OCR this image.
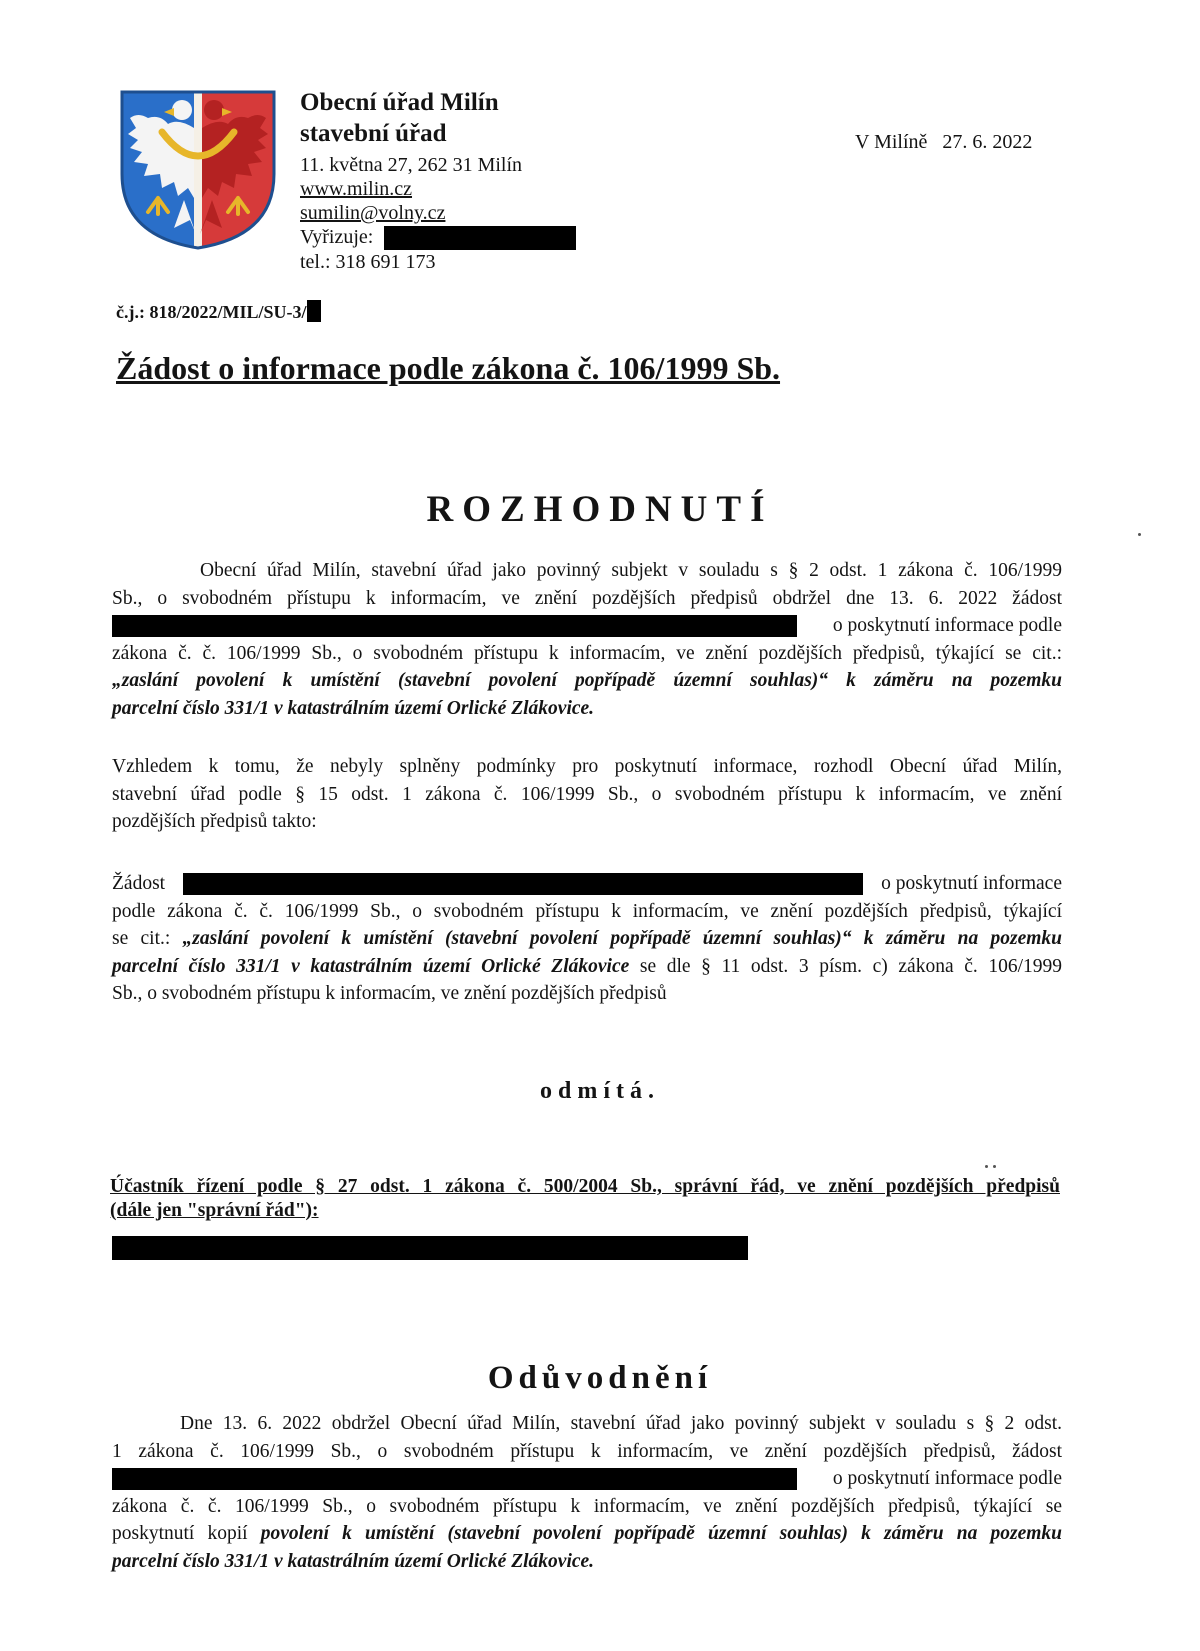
Obecní úřad Milín
stavební úřad
11. května 27, 262 31 Milín
www.milin.cz
sumilin@volny.cz
Vyřizuje:
tel.: 318 691 173
V Milíně   27. 6. 2022
č.j.: 818/2022/MIL/SU-3/
Žádost o informace podle zákona č. 106/1999 Sb.
ROZHODNUTÍ
Obecní úřad Milín, stavební úřad jako povinný subjekt v souladu s § 2 odst. 1 zákona č. 106/1999
Sb., o svobodném přístupu k informacím, ve znění pozdějších předpisů obdržel dne 13. 6. 2022 žádost
o poskytnutí informace podle
zákona č. č. 106/1999 Sb., o svobodném přístupu k informacím, ve znění pozdějších předpisů, týkající se cit.:
„zaslání povolení k umístění (stavební povolení popřípadě územní souhlas)“ k záměru na pozemku
parcelní číslo 331/1 v katastrálním území Orlické Zlákovice.
Vzhledem k tomu, že nebyly splněny podmínky pro poskytnutí informace, rozhodl Obecní úřad Milín,
stavební úřad podle § 15 odst. 1 zákona č. 106/1999 Sb., o svobodném přístupu k informacím, ve znění
pozdějších předpisů takto:
Žádost	o poskytnutí informace
podle zákona č. č. 106/1999 Sb., o svobodném přístupu k informacím, ve znění pozdějších předpisů, týkající
se cit.: „zaslání povolení k umístění (stavební povolení popřípadě územní souhlas)“ k záměru na pozemku
parcelní číslo 331/1 v katastrálním území Orlické Zlákovice se dle § 11 odst. 3 písm. c) zákona č. 106/1999
Sb., o svobodném přístupu k informacím, ve znění pozdějších předpisů
odmítá.
Účastník řízení podle § 27 odst. 1 zákona č. 500/2004 Sb., správní řád, ve znění pozdějších předpisů
(dále jen "správní řád"):
Odůvodnění
Dne 13. 6. 2022 obdržel Obecní úřad Milín, stavební úřad jako povinný subjekt v souladu s § 2 odst.
1 zákona č. 106/1999 Sb., o svobodném přístupu k informacím, ve znění pozdějších předpisů, žádost
o poskytnutí informace podle
zákona č. č. 106/1999 Sb., o svobodném přístupu k informacím, ve znění pozdějších předpisů, týkající se
poskytnutí kopií povolení k umístění (stavební povolení popřípadě územní souhlas) k záměru na pozemku
parcelní číslo 331/1 v katastrálním území Orlické Zlákovice.
